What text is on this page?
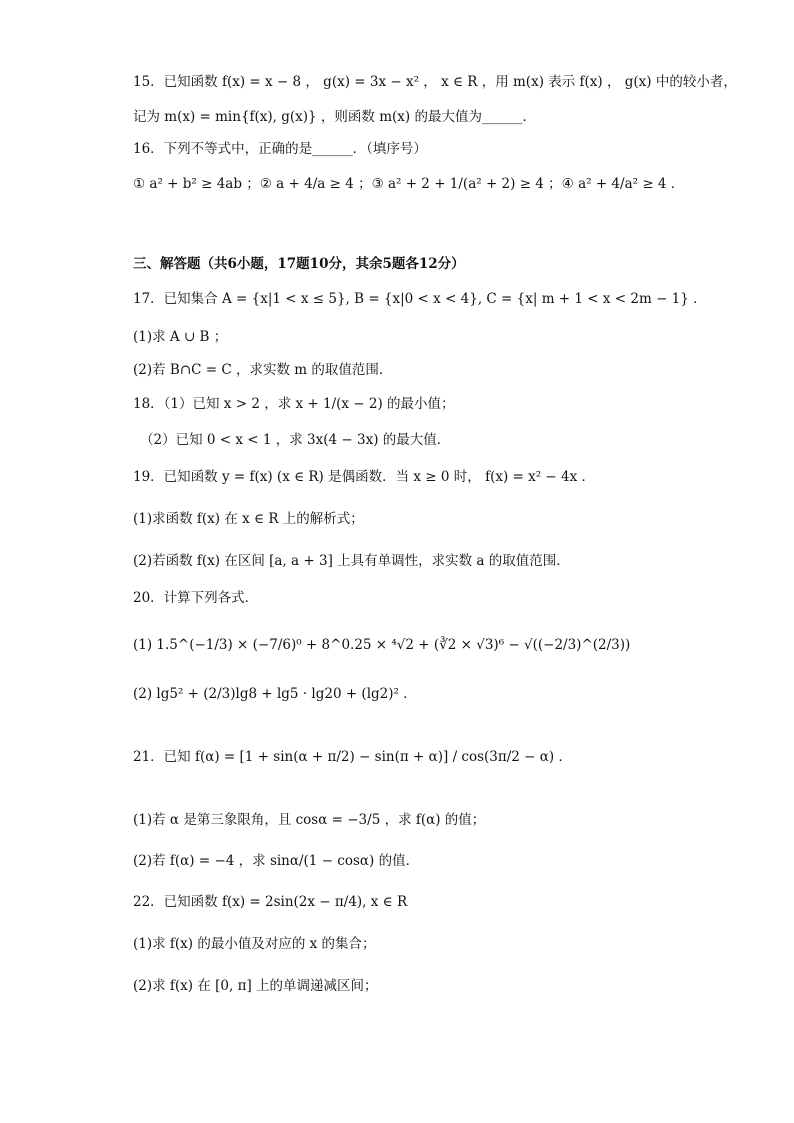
15．已知函数 f(x) = x − 8 ， g(x) = 3x − x² ， x ∈ R ，用 m(x) 表示 f(x) ， g(x) 中的较小者，
记为 m(x) = min{f(x), g(x)} ，则函数 m(x) 的最大值为______．
16．下列不等式中，正确的是______．（填序号）
① a² + b² ≥ 4ab ；② a + 4/a ≥ 4 ；③ a² + 2 + 1/(a² + 2) ≥ 4 ；④ a² + 4/a² ≥ 4 ．
三、解答题（共6小题，17题10分，其余5题各12分）
17．已知集合 A = {x|1 < x ≤ 5}, B = {x|0 < x < 4}, C = {x| m + 1 < x < 2m − 1} ．
(1)求 A ∪ B ；
(2)若 B∩C = C ，求实数 m 的取值范围．
18．（1）已知 x > 2 ，求 x + 1/(x − 2) 的最小值；
（2）已知 0 < x < 1 ，求 3x(4 − 3x) 的最大值．
19．已知函数 y = f(x) (x ∈ R) 是偶函数．当 x ≥ 0 时， f(x) = x² − 4x ．
(1)求函数 f(x) 在 x ∈ R 上的解析式；
(2)若函数 f(x) 在区间 [a, a + 3] 上具有单调性，求实数 a 的取值范围．
20．计算下列各式．
(1) 1.5^(−1/3) × (−7/6)⁰ + 8^0.25 × ⁴√2 + (∛2 × √3)⁶ − √((−2/3)^(2/3))
(2) lg5² + (2/3)lg8 + lg5 · lg20 + (lg2)² ．
21．已知 f(α) = [1 + sin(α + π/2) − sin(π + α)] / cos(3π/2 − α) ．
(1)若 α 是第三象限角，且 cosα = −3/5 ，求 f(α) 的值；
(2)若 f(α) = −4 ，求 sinα/(1 − cosα) 的值．
22．已知函数 f(x) = 2sin(2x − π/4), x ∈ R
(1)求 f(x) 的最小值及对应的 x 的集合；
(2)求 f(x) 在 [0, π] 上的单调递减区间；
